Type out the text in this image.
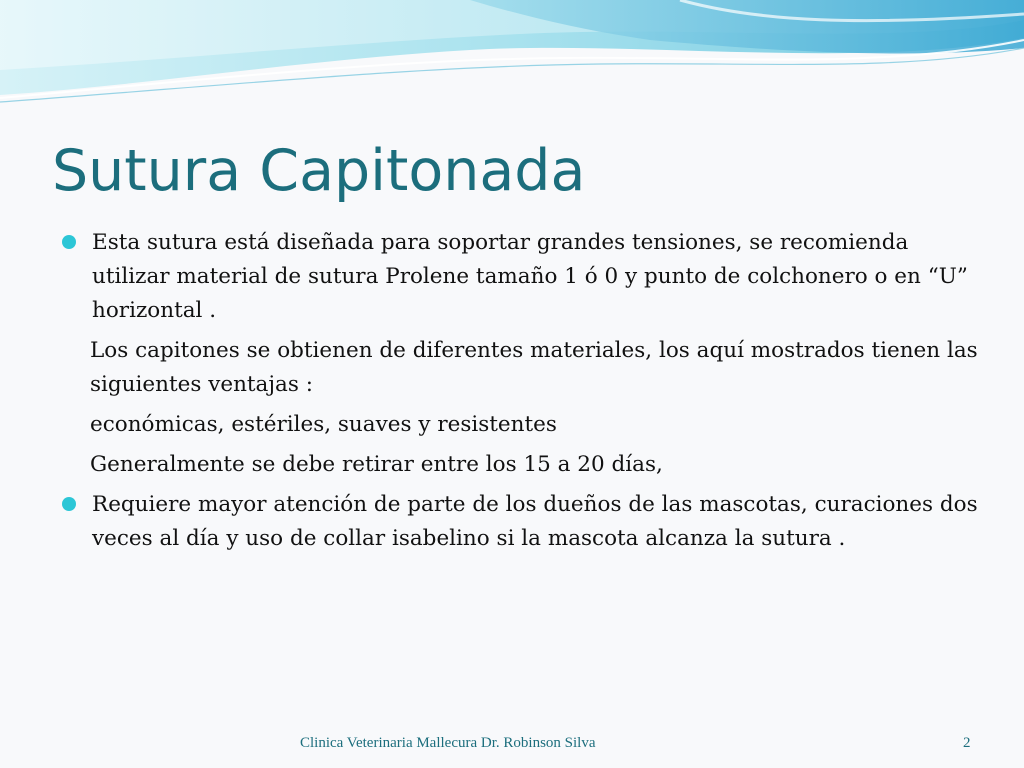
Sutura Capitonada

Esta sutura está diseñada para soportar grandes tensiones, se recomienda utilizar material de sutura Prolene tamaño 1 ó 0 y punto de colchonero o en “U” horizontal .

Los capitones se obtienen de diferentes materiales, los aquí mostrados tienen las siguientes ventajas :

económicas, estériles, suaves y resistentes

Generalmente se debe retirar entre los 15 a 20 días,

Requiere mayor atención de parte de los dueños de las mascotas, curaciones dos veces al día y uso de collar isabelino si la mascota alcanza la sutura .

Clinica Veterinaria Mallecura Dr. Robinson Silva	2
